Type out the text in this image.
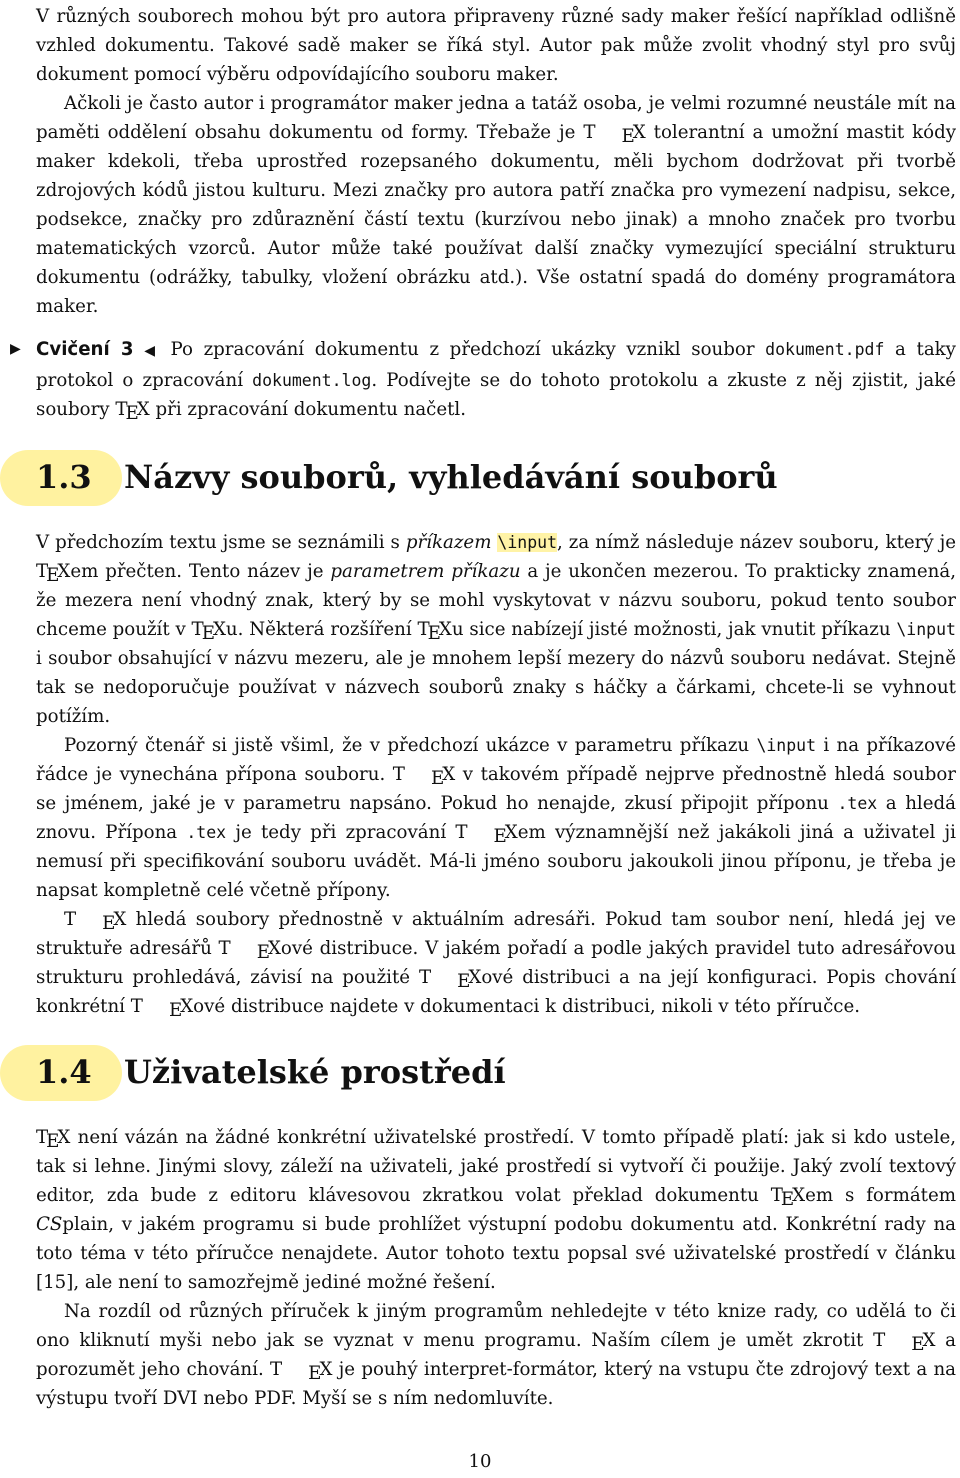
V různých souborech mohou být pro autora připraveny různé sady maker řešící například odlišně vzhled dokumentu. Takové sadě maker se říká styl. Autor pak může zvolit vhodný styl pro svůj dokument pomocí výběru odpovídajícího souboru maker.

Ačkoli je často autor i programátor maker jedna a tatáž osoba, je velmi rozumné neustále mít na paměti oddělení obsahu dokumentu od formy. Třebaže je T EX tolerantní a umožní mastit kódy maker kdekoli, třeba uprostřed rozepsaného dokumentu, měli bychom dodržovat při tvorbě zdrojových kódů jistou kulturu. Mezi značky pro autora patří značka pro vymezení nadpisu, sekce, podsekce, značky pro zdůraznění částí textu (kurzívou nebo jinak) a mnoho značek pro tvorbu matematických vzorců. Autor může také používat další značky vymezující speciální strukturu dokumentu (odrážky, tabulky, vložení obrázku atd.). Vše ostatní spadá do domény programátora maker.

▶ Cvičení 3 ◀ Po zpracování dokumentu z předchozí ukázky vznikl soubor dokument.pdf a taky protokol o zpracování dokument.log. Podívejte se do tohoto protokolu a zkuste z něj zjistit, jaké soubory TEX při zpracování dokumentu načetl.

1.3 Názvy souborů, vyhledávání souborů

V předchozím textu jsme se seznámili s příkazem \input, za nímž následuje název souboru, který je TEXem přečten. Tento název je parametrem příkazu a je ukončen mezerou. To prakticky znamená, že mezera není vhodný znak, který by se mohl vyskytovat v názvu souboru, pokud tento soubor chceme použít v TEXu. Některá rozšíření TEXu sice nabízejí jisté možnosti, jak vnutit příkazu \input i soubor obsahující v názvu mezeru, ale je mnohem lepší mezery do názvů souboru nedávat. Stejně tak se nedoporučuje používat v názvech souborů znaky s háčky a čárkami, chcete-li se vyhnout potížím.

Pozorný čtenář si jistě všiml, že v předchozí ukázce v parametru příkazu \input i na příkazové řádce je vynechána přípona souboru. T EX v takovém případě nejprve přednostně hledá soubor se jménem, jaké je v parametru napsáno. Pokud ho nenajde, zkusí připojit příponu .tex a hledá znovu. Přípona .tex je tedy při zpracování T EXem významnější než jakákoli jiná a uživatel ji nemusí při specifikování souboru uvádět. Má-li jméno souboru jakoukoli jinou příponu, je třeba je napsat kompletně celé včetně přípony.

T EX hledá soubory přednostně v aktuálním adresáři. Pokud tam soubor není, hledá jej ve struktuře adresářů T EXové distribuce. V jakém pořadí a podle jakých pravidel tuto adresářovou strukturu prohledává, závisí na použité T EXové distribuci a na její konfiguraci. Popis chování konkrétní T EXové distribuce najdete v dokumentaci k distribuci, nikoli v této příručce.

1.4 Uživatelské prostředí

TEX není vázán na žádné konkrétní uživatelské prostředí. V tomto případě platí: jak si kdo ustele, tak si lehne. Jinými slovy, záleží na uživateli, jaké prostředí si vytvoří či použije. Jaký zvolí textový editor, zda bude z editoru klávesovou zkratkou volat překlad dokumentu TEXem s formátem CSplain, v jakém programu si bude prohlížet výstupní podobu dokumentu atd. Konkrétní rady na toto téma v této příručce nenajdete. Autor tohoto textu popsal své uživatelské prostředí v článku [15], ale není to samozřejmě jediné možné řešení.

Na rozdíl od různých příruček k jiným programům nehledejte v této knize rady, co udělá to či ono kliknutí myši nebo jak se vyznat v menu programu. Naším cílem je umět zkrotit T EX a porozumět jeho chování. T EX je pouhý interpret-formátor, který na vstupu čte zdrojový text a na výstupu tvoří DVI nebo PDF. Myší se s ním nedomluvíte.

10
